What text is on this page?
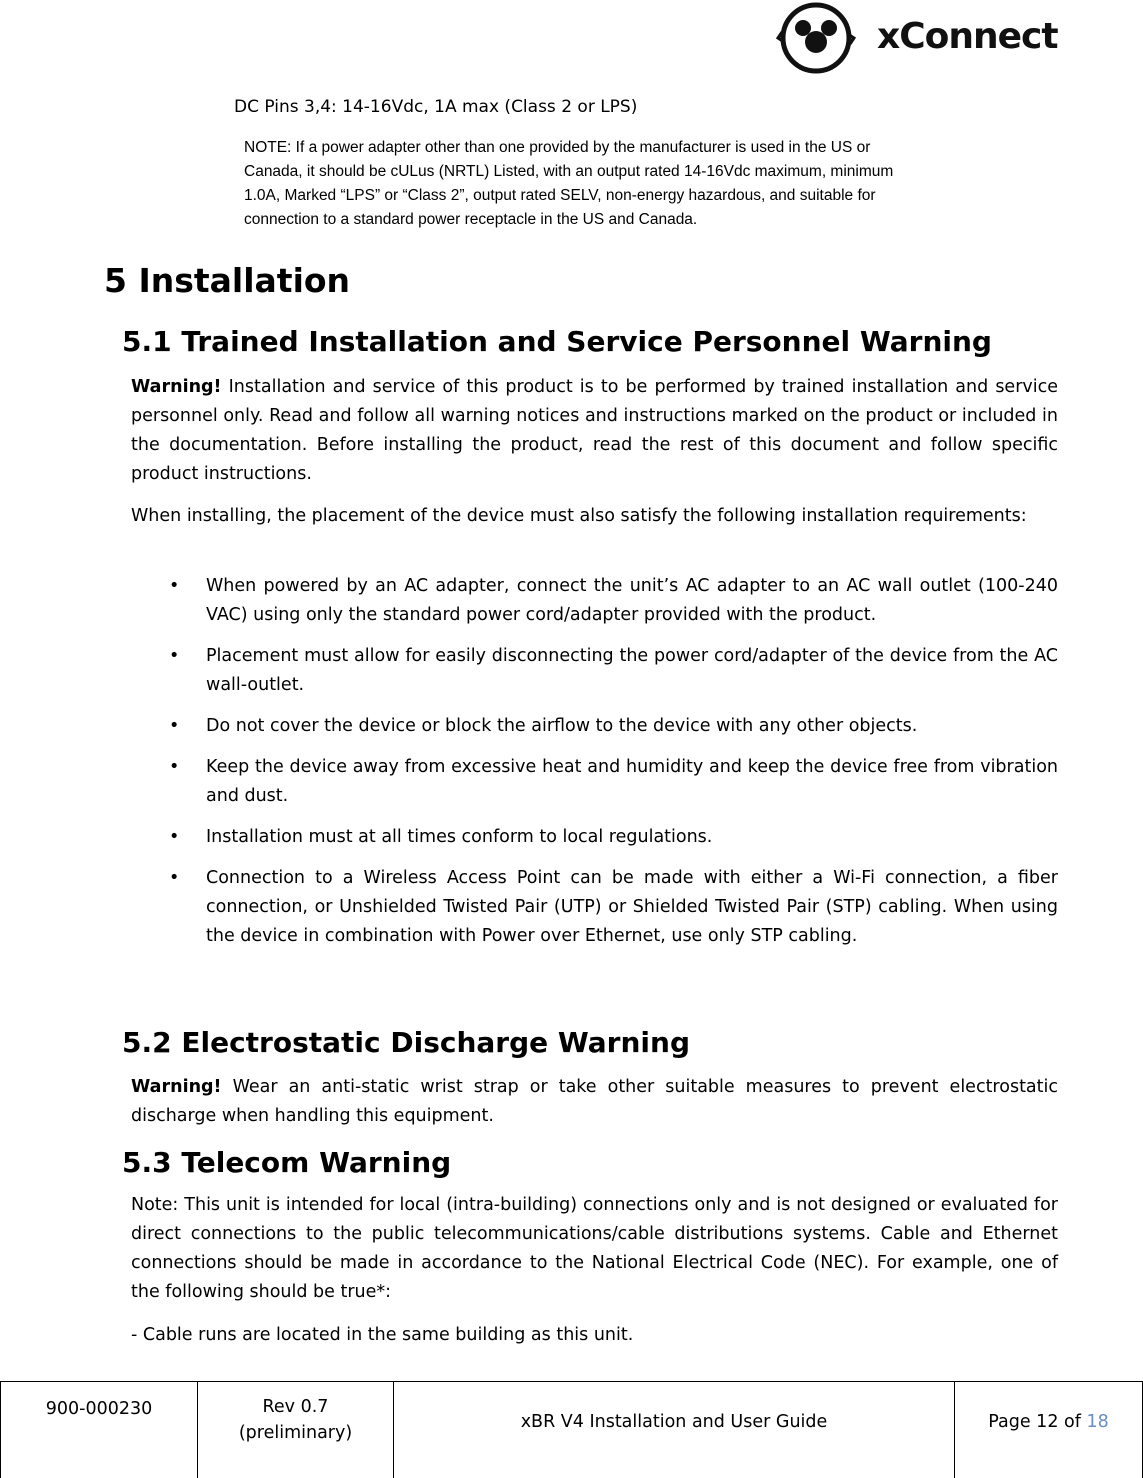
xConnect
DC Pins 3,4: 14-16Vdc, 1A max (Class 2 or LPS)
NOTE: If a power adapter other than one provided by the manufacturer is used in the US or
Canada, it should be cULus (NRTL) Listed, with an output rated 14-16Vdc maximum, minimum
1.0A, Marked “LPS” or “Class 2”, output rated SELV, non-energy hazardous, and suitable for
connection to a standard power receptacle in the US and Canada.
5 Installation
5.1 Trained Installation and Service Personnel Warning
Warning! Installation and service of this product is to be performed by trained installation and service personnel only. Read and follow all warning notices and instructions marked on the product or included in the documentation. Before installing the product, read the rest of this document and follow specific product instructions.
When installing, the placement of the device must also satisfy the following installation requirements:
• When powered by an AC adapter, connect the unit’s AC adapter to an AC wall outlet (100-240 VAC) using only the standard power cord/adapter provided with the product.
• Placement must allow for easily disconnecting the power cord/adapter of the device from the AC wall-outlet.
• Do not cover the device or block the airflow to the device with any other objects.
• Keep the device away from excessive heat and humidity and keep the device free from vibration and dust.
• Installation must at all times conform to local regulations.
• Connection to a Wireless Access Point can be made with either a Wi-Fi connection, a fiber connection, or Unshielded Twisted Pair (UTP) or Shielded Twisted Pair (STP) cabling. When using the device in combination with Power over Ethernet, use only STP cabling.
5.2 Electrostatic Discharge Warning
Warning! Wear an anti-static wrist strap or take other suitable measures to prevent electrostatic discharge when handling this equipment.
5.3 Telecom Warning
Note: This unit is intended for local (intra-building) connections only and is not designed or evaluated for direct connections to the public telecommunications/cable distributions systems. Cable and Ethernet connections should be made in accordance to the National Electrical Code (NEC). For example, one of the following should be true*:
- Cable runs are located in the same building as this unit.
900-000230	Rev 0.7
(preliminary)
xBR V4 Installation and User Guide	Page 12 of 18
